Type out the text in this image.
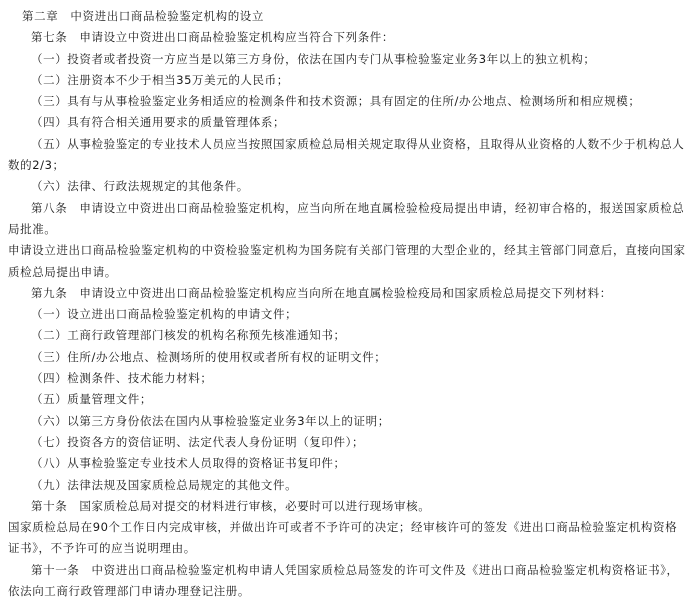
第二章　中资进出口商品检验鉴定机构的设立

第七条　申请设立中资进出口商品检验鉴定机构应当符合下列条件：

（一）投资者或者投资一方应当是以第三方身份，依法在国内专门从事检验鉴定业务3年以上的独立机构；

（二）注册资本不少于相当35万美元的人民币；

（三）具有与从事检验鉴定业务相适应的检测条件和技术资源；具有固定的住所/办公地点、检测场所和相应规模；

（四）具有符合相关通用要求的质量管理体系；

（五）从事检验鉴定的专业技术人员应当按照国家质检总局相关规定取得从业资格，且取得从业资格的人数不少于机构总人数的2/3；

（六）法律、行政法规规定的其他条件。

第八条　申请设立中资进出口商品检验鉴定机构，应当向所在地直属检验检疫局提出申请，经初审合格的，报送国家质检总局批准。

申请设立进出口商品检验鉴定机构的中资检验鉴定机构为国务院有关部门管理的大型企业的，经其主管部门同意后，直接向国家质检总局提出申请。

第九条　申请设立中资进出口商品检验鉴定机构应当向所在地直属检验检疫局和国家质检总局提交下列材料：

（一）设立进出口商品检验鉴定机构的申请文件；

（二）工商行政管理部门核发的机构名称预先核准通知书；

（三）住所/办公地点、检测场所的使用权或者所有权的证明文件；

（四）检测条件、技术能力材料；

（五）质量管理文件；

（六）以第三方身份依法在国内从事检验鉴定业务3年以上的证明；

（七）投资各方的资信证明、法定代表人身份证明（复印件）；

（八）从事检验鉴定专业技术人员取得的资格证书复印件；

（九）法律法规及国家质检总局规定的其他文件。

第十条　国家质检总局对提交的材料进行审核，必要时可以进行现场审核。

国家质检总局在90个工作日内完成审核，并做出许可或者不予许可的决定；经审核许可的签发《进出口商品检验鉴定机构资格证书》，不予许可的应当说明理由。

第十一条　中资进出口商品检验鉴定机构申请人凭国家质检总局签发的许可文件及《进出口商品检验鉴定机构资格证书》，依法向工商行政管理部门申请办理登记注册。
